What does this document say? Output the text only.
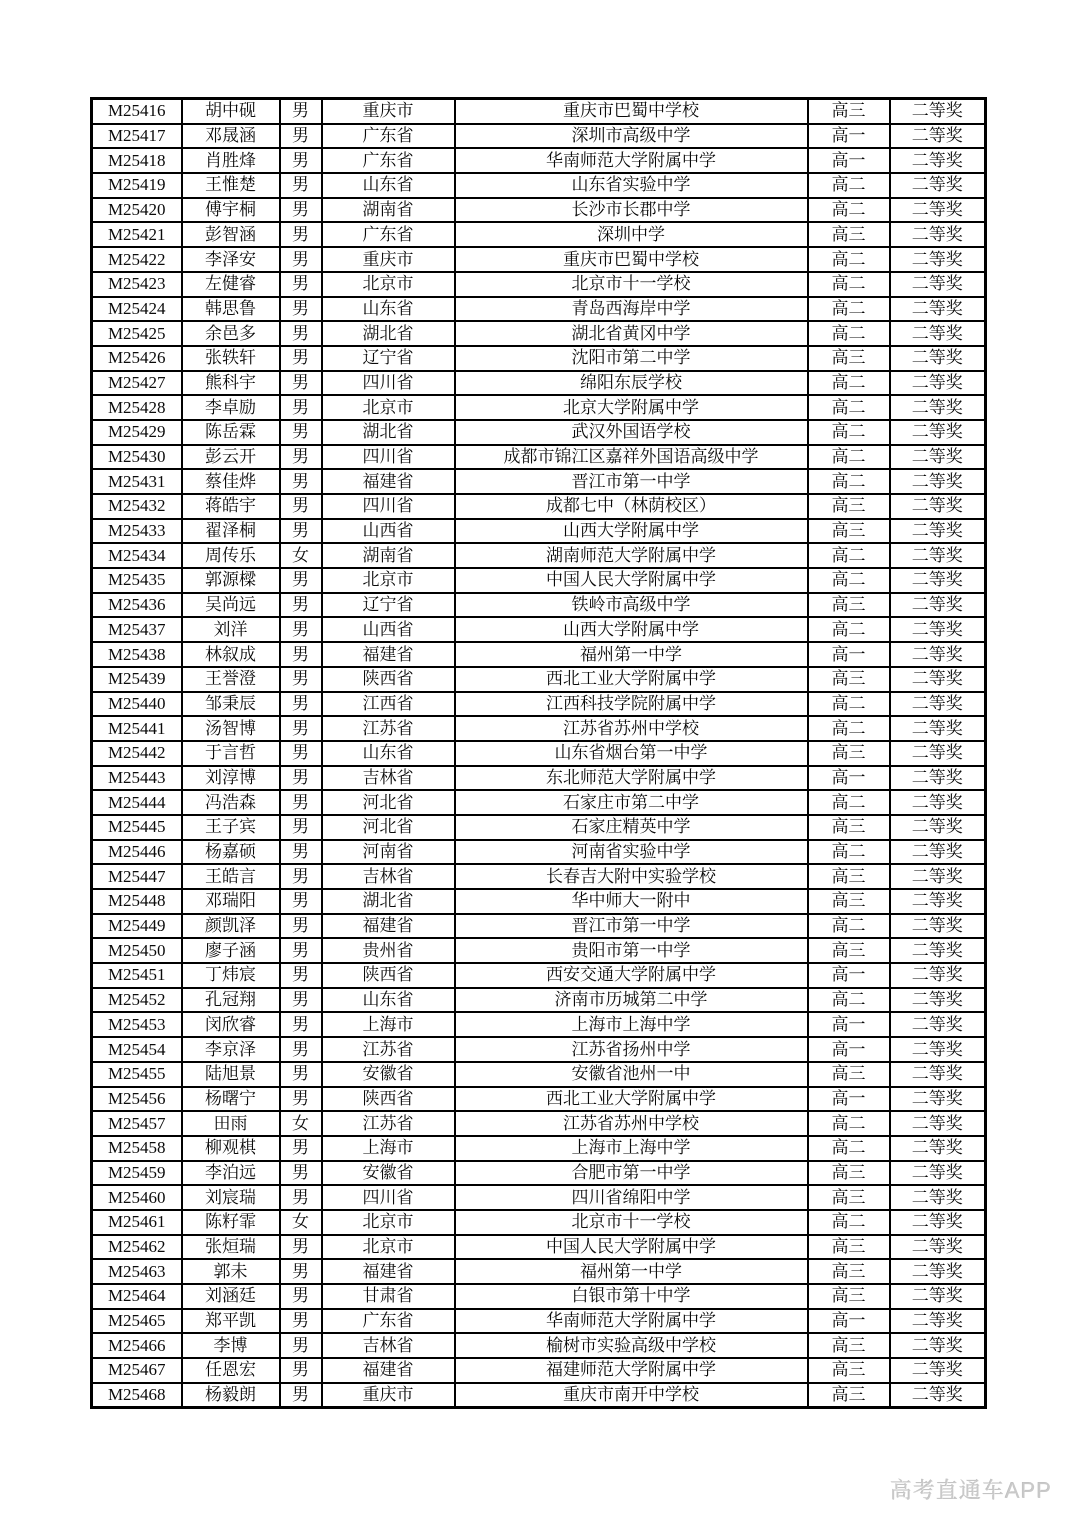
M25416	胡中砚	男	重庆市	重庆市巴蜀中学校	高三	二等奖
M25417	邓晟涵	男	广东省	深圳市高级中学	高一	二等奖
M25418	肖胜烽	男	广东省	华南师范大学附属中学	高一	二等奖
M25419	王惟楚	男	山东省	山东省实验中学	高二	二等奖
M25420	傅宇桐	男	湖南省	长沙市长郡中学	高二	二等奖
M25421	彭智涵	男	广东省	深圳中学	高三	二等奖
M25422	李泽安	男	重庆市	重庆市巴蜀中学校	高二	二等奖
M25423	左健睿	男	北京市	北京市十一学校	高二	二等奖
M25424	韩思鲁	男	山东省	青岛西海岸中学	高二	二等奖
M25425	余邑多	男	湖北省	湖北省黄冈中学	高二	二等奖
M25426	张轶轩	男	辽宁省	沈阳市第二中学	高三	二等奖
M25427	熊科宇	男	四川省	绵阳东辰学校	高二	二等奖
M25428	李卓励	男	北京市	北京大学附属中学	高二	二等奖
M25429	陈岳霖	男	湖北省	武汉外国语学校	高二	二等奖
M25430	彭云开	男	四川省	成都市锦江区嘉祥外国语高级中学	高二	二等奖
M25431	蔡佳烨	男	福建省	晋江市第一中学	高二	二等奖
M25432	蒋皓宇	男	四川省	成都七中（林荫校区）	高三	二等奖
M25433	翟泽桐	男	山西省	山西大学附属中学	高三	二等奖
M25434	周传乐	女	湖南省	湖南师范大学附属中学	高二	二等奖
M25435	郭源樑	男	北京市	中国人民大学附属中学	高二	二等奖
M25436	吴尚远	男	辽宁省	铁岭市高级中学	高三	二等奖
M25437	刘洋	男	山西省	山西大学附属中学	高二	二等奖
M25438	林叙成	男	福建省	福州第一中学	高一	二等奖
M25439	王誉澄	男	陕西省	西北工业大学附属中学	高三	二等奖
M25440	邹秉辰	男	江西省	江西科技学院附属中学	高二	二等奖
M25441	汤智博	男	江苏省	江苏省苏州中学校	高二	二等奖
M25442	于言哲	男	山东省	山东省烟台第一中学	高三	二等奖
M25443	刘淳博	男	吉林省	东北师范大学附属中学	高一	二等奖
M25444	冯浩森	男	河北省	石家庄市第二中学	高二	二等奖
M25445	王子宾	男	河北省	石家庄精英中学	高三	二等奖
M25446	杨嘉硕	男	河南省	河南省实验中学	高二	二等奖
M25447	王皓言	男	吉林省	长春吉大附中实验学校	高三	二等奖
M25448	邓瑞阳	男	湖北省	华中师大一附中	高三	二等奖
M25449	颜凯泽	男	福建省	晋江市第一中学	高二	二等奖
M25450	廖子涵	男	贵州省	贵阳市第一中学	高三	二等奖
M25451	丁炜宸	男	陕西省	西安交通大学附属中学	高一	二等奖
M25452	孔冠翔	男	山东省	济南市历城第二中学	高二	二等奖
M25453	闵欣睿	男	上海市	上海市上海中学	高一	二等奖
M25454	李京泽	男	江苏省	江苏省扬州中学	高一	二等奖
M25455	陆旭景	男	安徽省	安徽省池州一中	高三	二等奖
M25456	杨曙宁	男	陕西省	西北工业大学附属中学	高一	二等奖
M25457	田雨	女	江苏省	江苏省苏州中学校	高二	二等奖
M25458	柳观棋	男	上海市	上海市上海中学	高二	二等奖
M25459	李泊远	男	安徽省	合肥市第一中学	高三	二等奖
M25460	刘宸瑞	男	四川省	四川省绵阳中学	高三	二等奖
M25461	陈籽霏	女	北京市	北京市十一学校	高二	二等奖
M25462	张烜瑞	男	北京市	中国人民大学附属中学	高三	二等奖
M25463	郭未	男	福建省	福州第一中学	高三	二等奖
M25464	刘涵廷	男	甘肃省	白银市第十中学	高三	二等奖
M25465	郑平凯	男	广东省	华南师范大学附属中学	高一	二等奖
M25466	李博	男	吉林省	榆树市实验高级中学校	高三	二等奖
M25467	任恩宏	男	福建省	福建师范大学附属中学	高三	二等奖
M25468	杨毅朗	男	重庆市	重庆市南开中学校	高三	二等奖
高考直通车APP
